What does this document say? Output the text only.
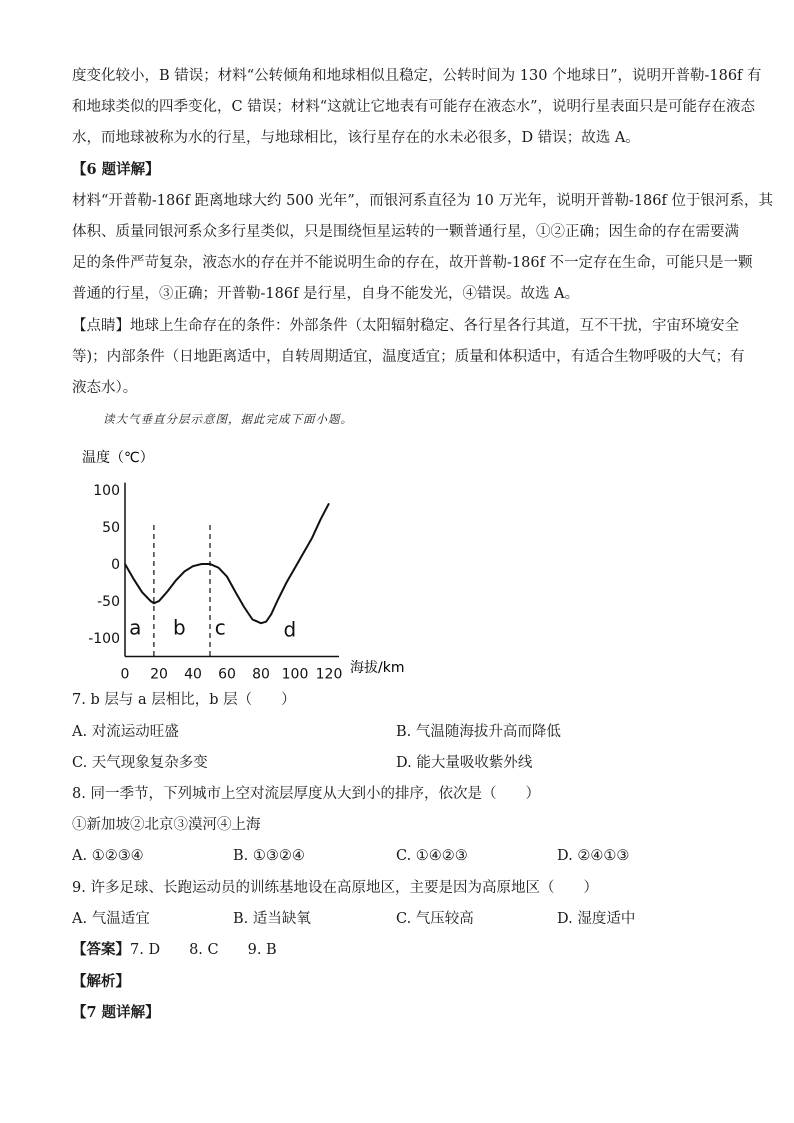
度变化较小，B 错误；材料“公转倾角和地球相似且稳定，公转时间为 130 个地球日”，说明开普勒-186f 有
和地球类似的四季变化，C 错误；材料“这就让它地表有可能存在液态水”，说明行星表面只是可能存在液态
水，而地球被称为水的行星，与地球相比，该行星存在的水未必很多，D 错误；故选 A。
【6 题详解】
材料“开普勒-186f 距离地球大约 500 光年”，而银河系直径为 10 万光年，说明开普勒-186f 位于银河系，其
体积、质量同银河系众多行星类似，只是围绕恒星运转的一颗普通行星，①②正确；因生命的存在需要满
足的条件严苛复杂，液态水的存在并不能说明生命的存在，故开普勒-186f 不一定存在生命，可能只是一颗
普通的行星，③正确；开普勒-186f 是行星，自身不能发光，④错误。故选 A。
【点睛】地球上生命存在的条件：外部条件（太阳辐射稳定、各行星各行其道，互不干扰，宇宙环境安全
等)；内部条件（日地距离适中，自转周期适宜，温度适宜；质量和体积适中，有适合生物呼吸的大气；有
液态水）。
读大气垂直分层示意图，据此完成下面小题。
温度（℃）
100
50
0
-50
-100
0 20 40 60 80 100 120
a b c	d
海拔/km
7. b 层与 a 层相比，b 层（　　）
A. 对流运动旺盛	B. 气温随海拔升高而降低
C. 天气现象复杂多变	D. 能大量吸收紫外线
8. 同一季节，下列城市上空对流层厚度从大到小的排序，依次是（　　）
①新加坡②北京③漠河④上海
A. ①②③④	B. ①③②④	C. ①④②③	D. ②④①③
9. 许多足球、长跑运动员的训练基地设在高原地区，主要是因为高原地区（　　）
A. 气温适宜	B. 适当缺氧	C. 气压较高	D. 湿度适中
【答案】7. D　　8. C　　9. B
【解析】
【7 题详解】
